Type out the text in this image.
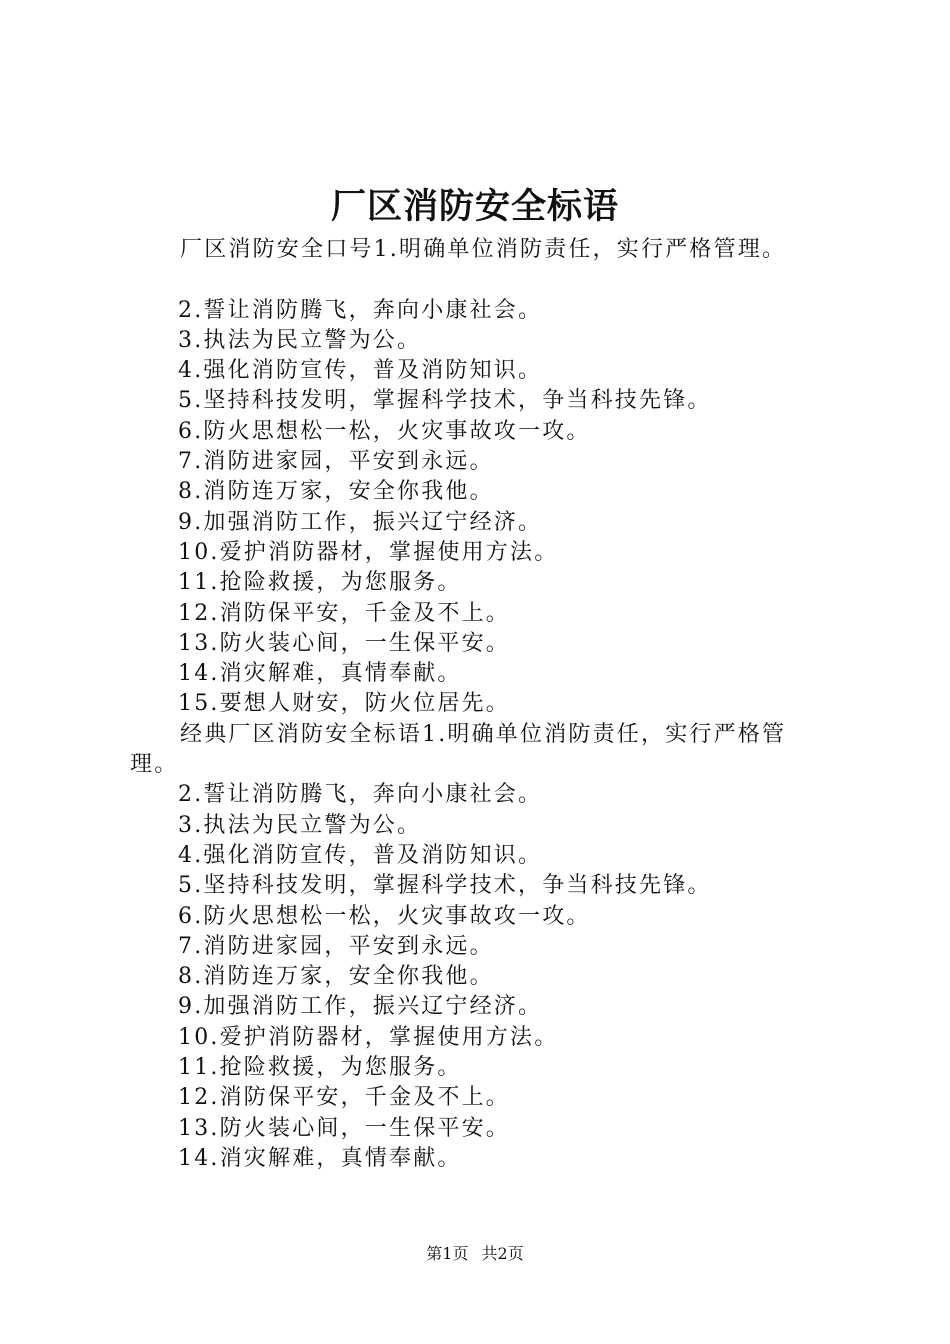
厂区消防安全标语
厂区消防安全口号1.明确单位消防责任，实行严格管理。
2.誓让消防腾飞，奔向小康社会。
3.执法为民立警为公。
4.强化消防宣传，普及消防知识。
5.坚持科技发明，掌握科学技术，争当科技先锋。
6.防火思想松一松，火灾事故攻一攻。
7.消防进家园，平安到永远。
8.消防连万家，安全你我他。
9.加强消防工作，振兴辽宁经济。
10.爱护消防器材，掌握使用方法。
11.抢险救援，为您服务。
12.消防保平安，千金及不上。
13.防火装心间，一生保平安。
14.消灾解难，真情奉献。
15.要想人财安，防火位居先。
经典厂区消防安全标语1.明确单位消防责任，实行严格管理。
2.誓让消防腾飞，奔向小康社会。
3.执法为民立警为公。
4.强化消防宣传，普及消防知识。
5.坚持科技发明，掌握科学技术，争当科技先锋。
6.防火思想松一松，火灾事故攻一攻。
7.消防进家园，平安到永远。
8.消防连万家，安全你我他。
9.加强消防工作，振兴辽宁经济。
10.爱护消防器材，掌握使用方法。
11.抢险救援，为您服务。
12.消防保平安，千金及不上。
13.防火装心间，一生保平安。
14.消灾解难，真情奉献。
第1页 共2页
